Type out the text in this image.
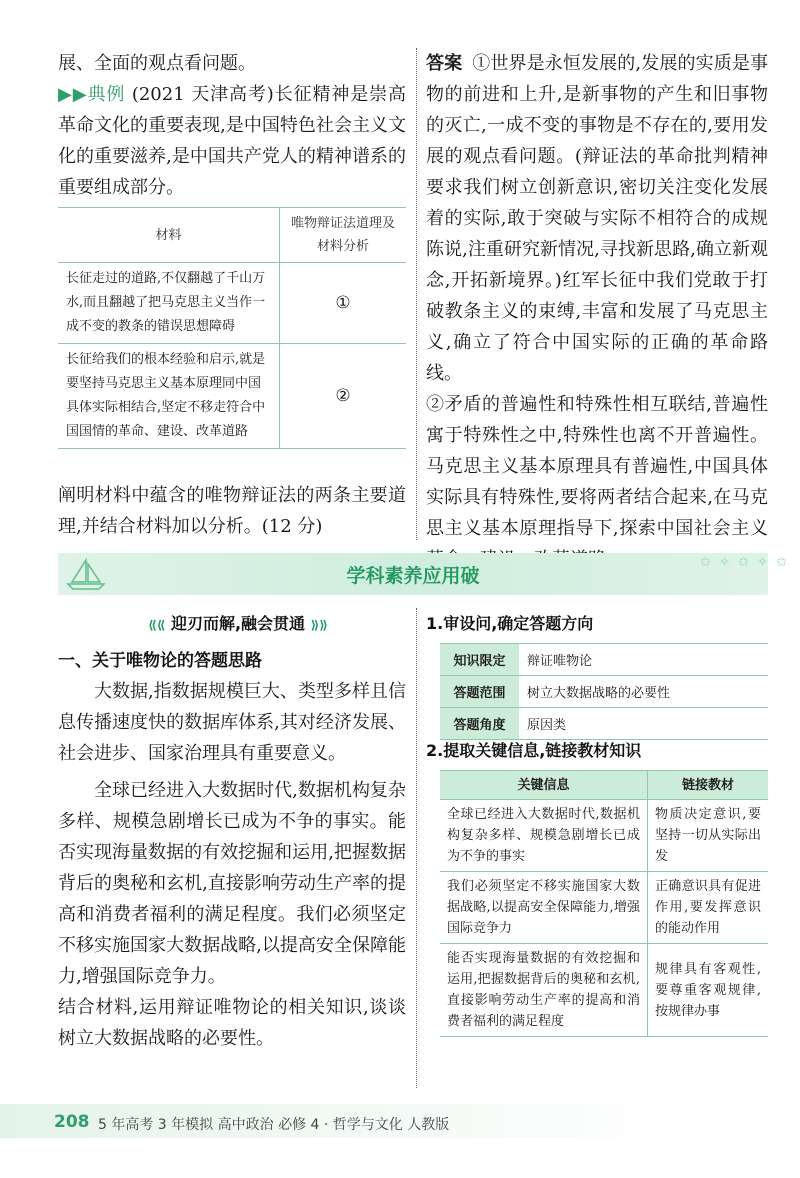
展、全面的观点看问题。

▶▶典例 (2021 天津高考)长征精神是崇高革命文化的重要表现,是中国特色社会主义文化的重要滋养,是中国共产党人的精神谱系的重要组成部分。

材料	唯物辩证法道理及材料分析
长征走过的道路,不仅翻越了千山万水,而且翻越了把马克思主义当作一成不变的教条的错误思想障碍	①
长征给我们的根本经验和启示,就是要坚持马克思主义基本原理同中国具体实际相结合,坚定不移走符合中国国情的革命、建设、改革道路	②
阐明材料中蕴含的唯物辩证法的两条主要道理,并结合材料加以分析。(12 分)

答案 ①世界是永恒发展的,发展的实质是事物的前进和上升,是新事物的产生和旧事物的灭亡,一成不变的事物是不存在的,要用发展的观点看问题。(辩证法的革命批判精神要求我们树立创新意识,密切关注变化发展着的实际,敢于突破与实际不相符合的成规陈说,注重研究新情况,寻找新思路,确立新观念,开拓新境界。)红军长征中我们党敢于打破教条主义的束缚,丰富和发展了马克思主义,确立了符合中国实际的正确的革命路线。

②矛盾的普遍性和特殊性相互联结,普遍性寓于特殊性之中,特殊性也离不开普遍性。马克思主义基本原理具有普遍性,中国具体实际具有特殊性,要将两者结合起来,在马克思主义基本原理指导下,探索中国社会主义

学科素养应用破
✩ ✧ ✩ ✧ ✩
⟪⟪ 迎刃而解,融会贯通 ⟫⟫
一、关于唯物论的答题思路

大数据,指数据规模巨大、类型多样且信息传播速度快的数据库体系,其对经济发展、社会进步、国家治理具有重要意义。

全球已经进入大数据时代,数据机构复杂多样、规模急剧增长已成为不争的事实。能否实现海量数据的有效挖掘和运用,把握数据背后的奥秘和玄机,直接影响劳动生产率的提高和消费者福利的满足程度。我们必须坚定不移实施国家大数据战略,以提高安全保障能力,增强国际竞争力。

结合材料,运用辩证唯物论的相关知识,谈谈树立大数据战略的必要性。

1.审设问,确定答题方向
知识限定	辩证唯物论
答题范围	树立大数据战略的必要性
答题角度	原因类
2.提取关键信息,链接教材知识
关键信息	链接教材
全球已经进入大数据时代,数据机构复杂多样、规模急剧增长已成为不争的事实	物质决定意识,要坚持一切从实际出发
我们必须坚定不移实施国家大数据战略,以提高安全保障能力,增强国际竞争力	正确意识具有促进作用,要发挥意识的能动作用
能否实现海量数据的有效挖掘和运用,把握数据背后的奥秘和玄机,直接影响劳动生产率的提高和消费者福利的满足程度	规律具有客观性,要尊重客观规律,按规律办事
208 5 年高考 3 年模拟 高中政治 必修 4 · 哲学与文化 人教版
